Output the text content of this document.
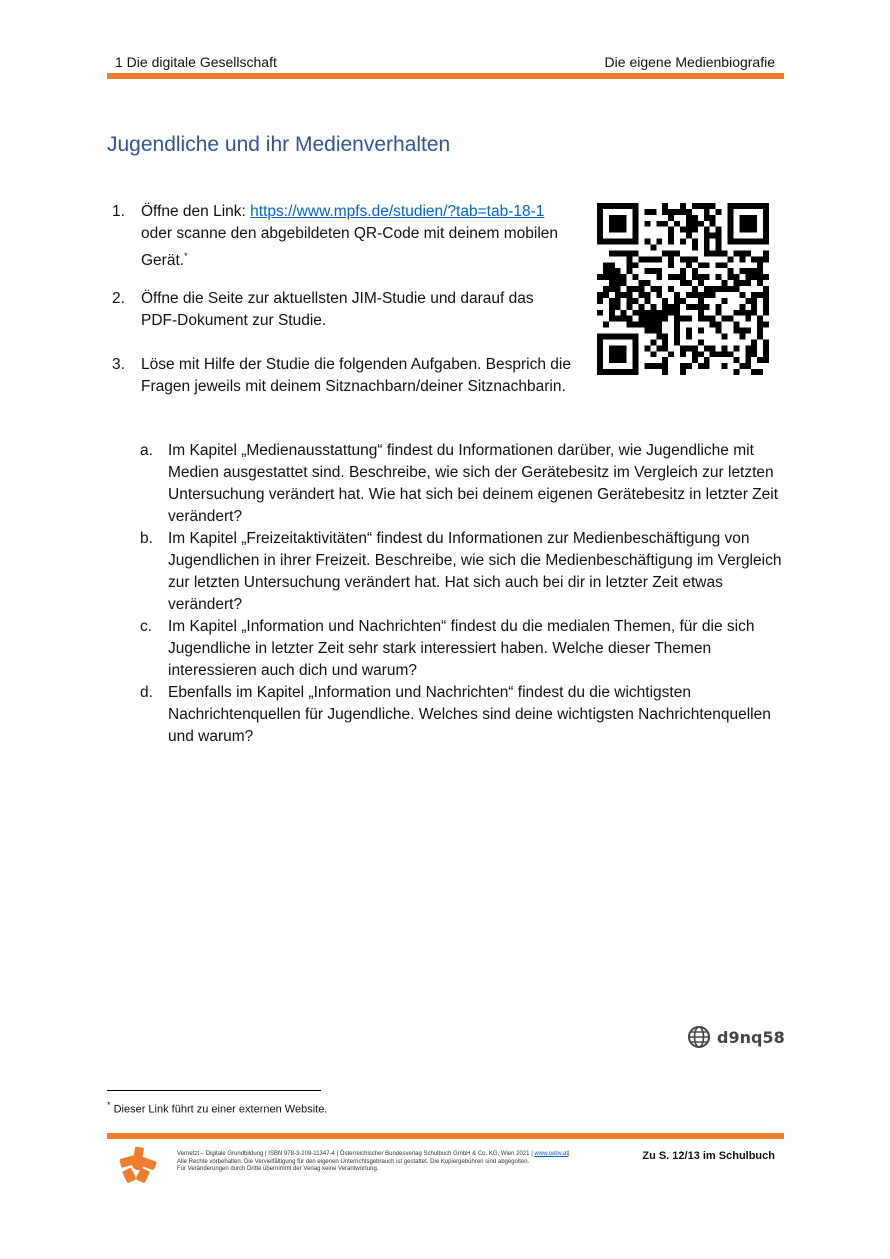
1 Die digitale Gesellschaft	Die eigene Medienbiografie
Jugendliche und ihr Medienverhalten
1. Öffne den Link: https://www.mpfs.de/studien/?tab=tab-18-1 oder scanne den abgebildeten QR-Code mit deinem mobilen Gerät.*
2. Öffne die Seite zur aktuellsten JIM-Studie und darauf das PDF-Dokument zur Studie.
3. Löse mit Hilfe der Studie die folgenden Aufgaben. Besprich die Fragen jeweils mit deinem Sitznachbarn/deiner Sitznachbarin.
a. Im Kapitel „Medienausstattung“ findest du Informationen darüber, wie Jugendliche mit Medien ausgestattet sind. Beschreibe, wie sich der Gerätebesitz im Vergleich zur letzten Untersuchung verändert hat. Wie hat sich bei deinem eigenen Gerätebesitz in letzter Zeit verändert?
b. Im Kapitel „Freizeitaktivitäten“ findest du Informationen zur Medienbeschäftigung von Jugendlichen in ihrer Freizeit. Beschreibe, wie sich die Medienbeschäftigung im Vergleich zur letzten Untersuchung verändert hat. Hat sich auch bei dir in letzter Zeit etwas verändert?
c. Im Kapitel „Information und Nachrichten“ findest du die medialen Themen, für die sich Jugendliche in letzter Zeit sehr stark interessiert haben. Welche dieser Themen interessieren auch dich und warum?
d. Ebenfalls im Kapitel „Information und Nachrichten“ findest du die wichtigsten Nachrichtenquellen für Jugendliche. Welches sind deine wichtigsten Nachrichtenquellen und warum?
d9nq58
* Dieser Link führt zu einer externen Website.
Vernetzt – Digitale Grundbildung | ISBN 978-3-209-11347-4 | Österreichischer Bundesverlag Schulbuch GmbH & Co. KG, Wien 2021 | www.oebv.at|
Alle Rechte vorbehalten. Die Vervielfältigung für den eigenen Unterrichtsgebrauch ist gestattet. Die Kopiergebühren sind abgegolten.
Für Veränderungen durch Dritte übernimmt der Verlag keine Verantwortung.
Zu S. 12/13 im Schulbuch
